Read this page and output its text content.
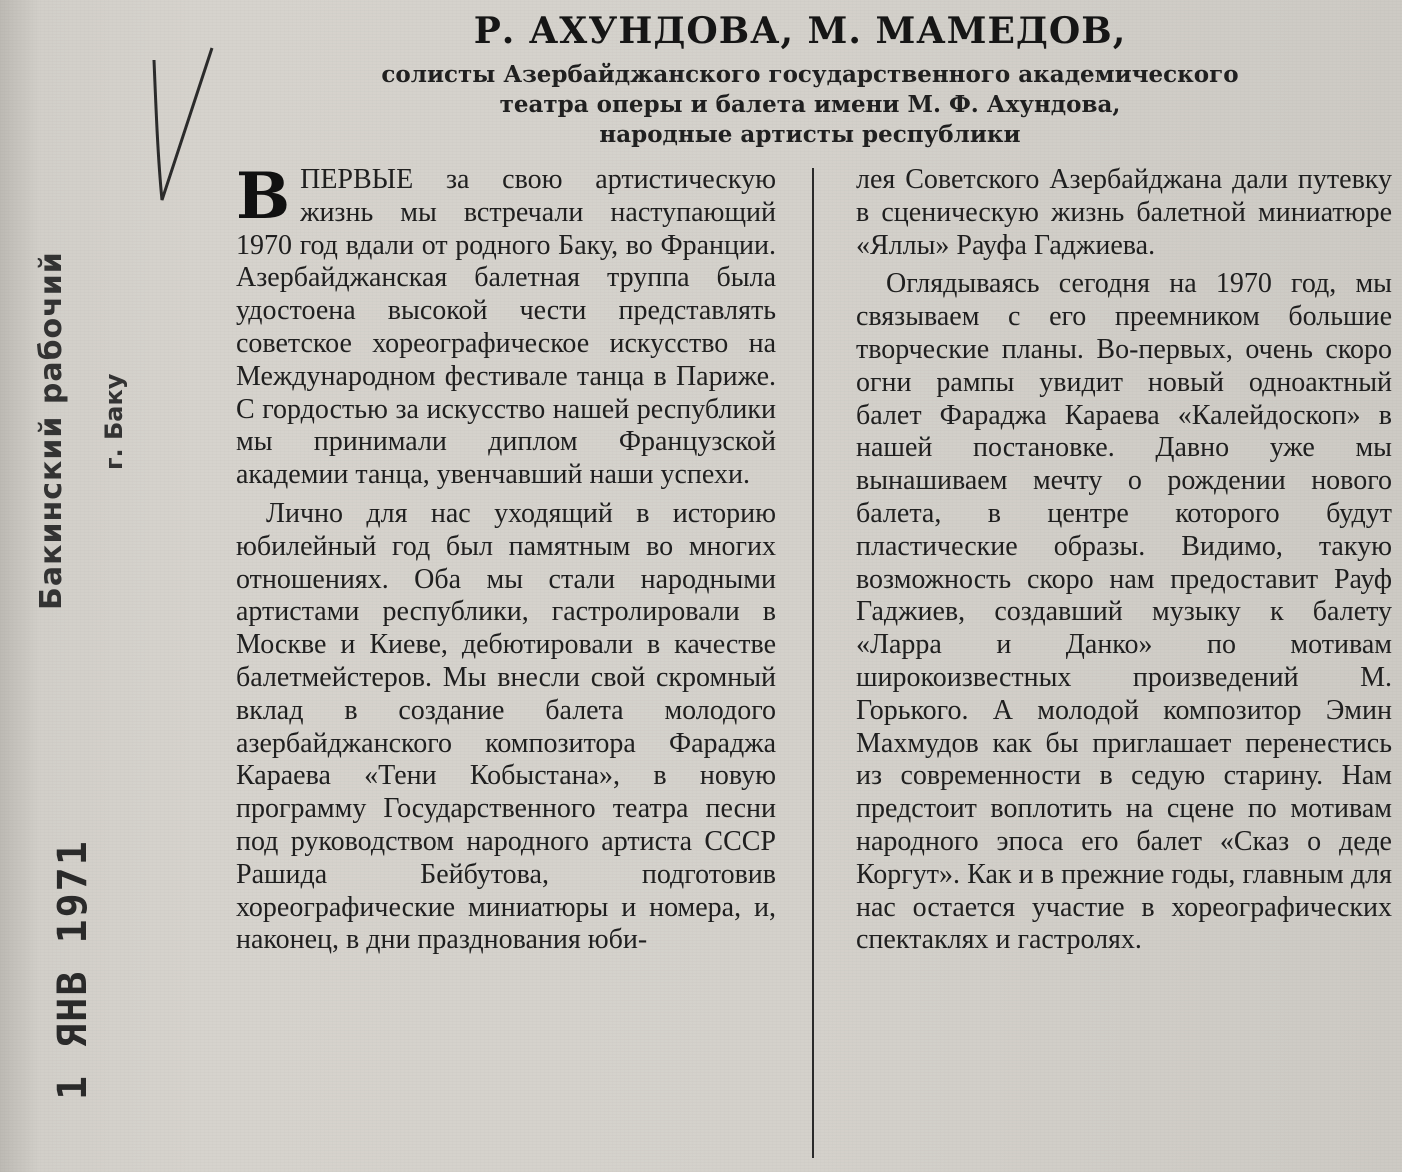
Бакинский рабочий г. Баку
1 ЯНВ 1971
Р. АХУНДОВА, М. МАМЕДОВ,
солисты Азербайджанского государственного академического
театра оперы и балета имени М. Ф. Ахундова,
народные артисты республики

ВПЕРВЫЕ за свою артистическую жизнь мы встречали наступающий 1970 год вдали от родного Баку, во Франции. Азербайджанская балетная труппа была удостоена высокой чести представлять советское хореографическое искусство на Международном фестивале танца в Париже. С гордостью за искусство нашей республики мы принимали диплом Французской академии танца, увенчавший наши успехи.

Лично для нас уходящий в историю юбилейный год был памятным во многих отношениях. Оба мы стали народными артистами республики, гастролировали в Москве и Киеве, дебютировали в качестве балетмейстеров. Мы внесли свой скромный вклад в создание балета молодого азербайджанского композитора Фараджа Караева «Тени Кобыстана», в новую программу Государственного театра песни под руководством народного артиста СССР Рашида Бейбутова, подготовив хореографические миниатюры и номера, и, наконец, в дни празднования юби-

лея Советского Азербайджана дали путевку в сценическую жизнь балетной миниатюре «Яллы» Рауфа Гаджиева.

Оглядываясь сегодня на 1970 год, мы связываем с его преемником большие творческие планы. Во-первых, очень скоро огни рампы увидит новый одноактный балет Фараджа Караева «Калейдоскоп» в нашей постановке. Давно уже мы вынашиваем мечту о рождении нового балета, в центре которого будут пластические образы. Видимо, такую возможность скоро нам предоставит Рауф Гаджиев, создавший музыку к балету «Ларра и Данко» по мотивам широкоизвестных произведений М. Горького. А молодой композитор Эмин Махмудов как бы приглашает перенестись из современности в седую старину. Нам предстоит воплотить на сцене по мотивам народного эпоса его балет «Сказ о деде Коргут». Как и в прежние годы, главным для нас остается участие в хореографических спектаклях и гастролях.
